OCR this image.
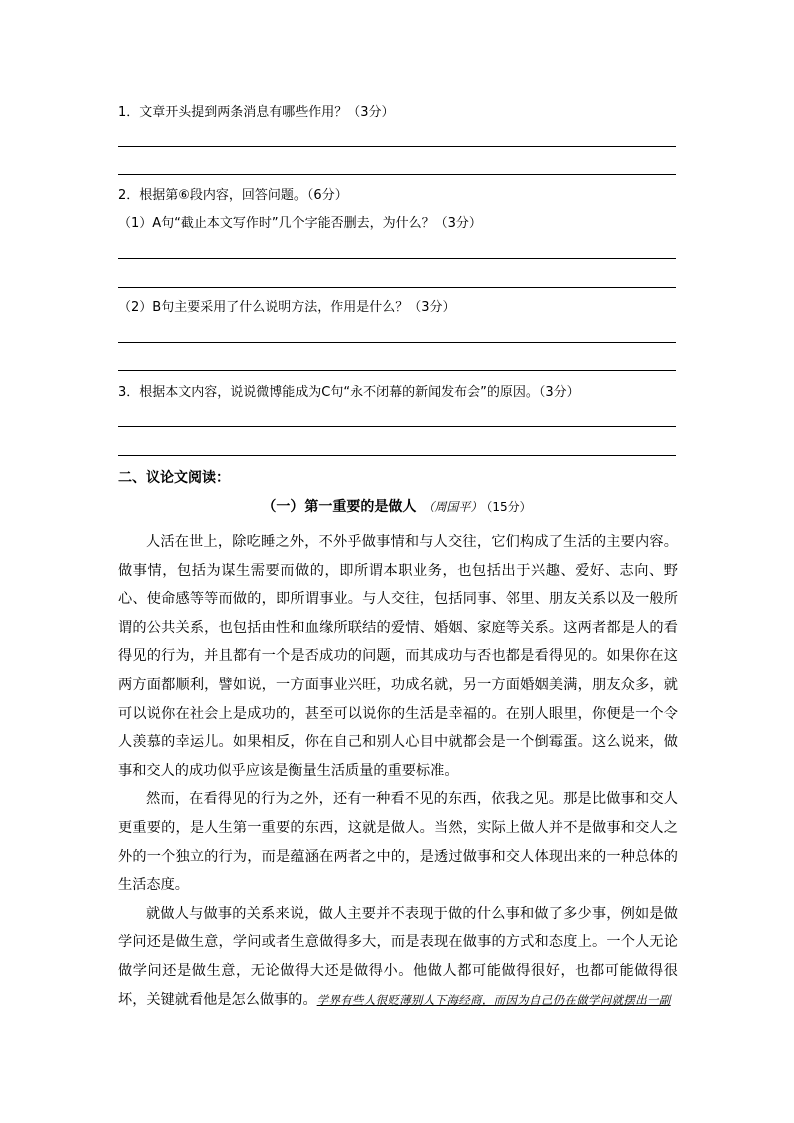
1．文章开头提到两条消息有哪些作用？（3分）
2．根据第⑥段内容，回答问题。（6分）
（1）A句“截止本文写作时”几个字能否删去，为什么？（3分）
（2）B句主要采用了什么说明方法，作用是什么？（3分）
3．根据本文内容，说说微博能成为C句“永不闭幕的新闻发布会”的原因。（3分）
二、议论文阅读：
（一）第一重要的是做人 （周国平） （15分）

人活在世上，除吃睡之外，不外乎做事情和与人交往，它们构成了生活的主要内容。做事情，包括为谋生需要而做的，即所谓本职业务，也包括出于兴趣、爱好、志向、野心、使命感等等而做的，即所谓事业。与人交往，包括同事、邻里、朋友关系以及一般所谓的公共关系，也包括由性和血缘所联结的爱情、婚姻、家庭等关系。这两者都是人的看得见的行为，并且都有一个是否成功的问题，而其成功与否也都是看得见的。如果你在这两方面都顺利，譬如说，一方面事业兴旺，功成名就，另一方面婚姻美满，朋友众多，就可以说你在社会上是成功的，甚至可以说你的生活是幸福的。在别人眼里，你便是一个令人羡慕的幸运儿。如果相反，你在自己和别人心目中就都会是一个倒霉蛋。这么说来，做事和交人的成功似乎应该是衡量生活质量的重要标准。

然而，在看得见的行为之外，还有一种看不见的东西，依我之见。那是比做事和交人更重要的，是人生第一重要的东西，这就是做人。当然，实际上做人并不是做事和交人之外的一个独立的行为，而是蕴涵在两者之中的，是透过做事和交人体现出来的一种总体的生活态度。

就做人与做事的关系来说，做人主要并不表现于做的什么事和做了多少事，例如是做学问还是做生意，学问或者生意做得多大，而是表现在做事的方式和态度上。一个人无论做学问还是做生意，无论做得大还是做得小。他做人都可能做得很好，也都可能做得很坏，关键就看他是怎么做事的。学界有些人很贬薄别人下海经商，而因为自己仍在做学问就摆出一副
